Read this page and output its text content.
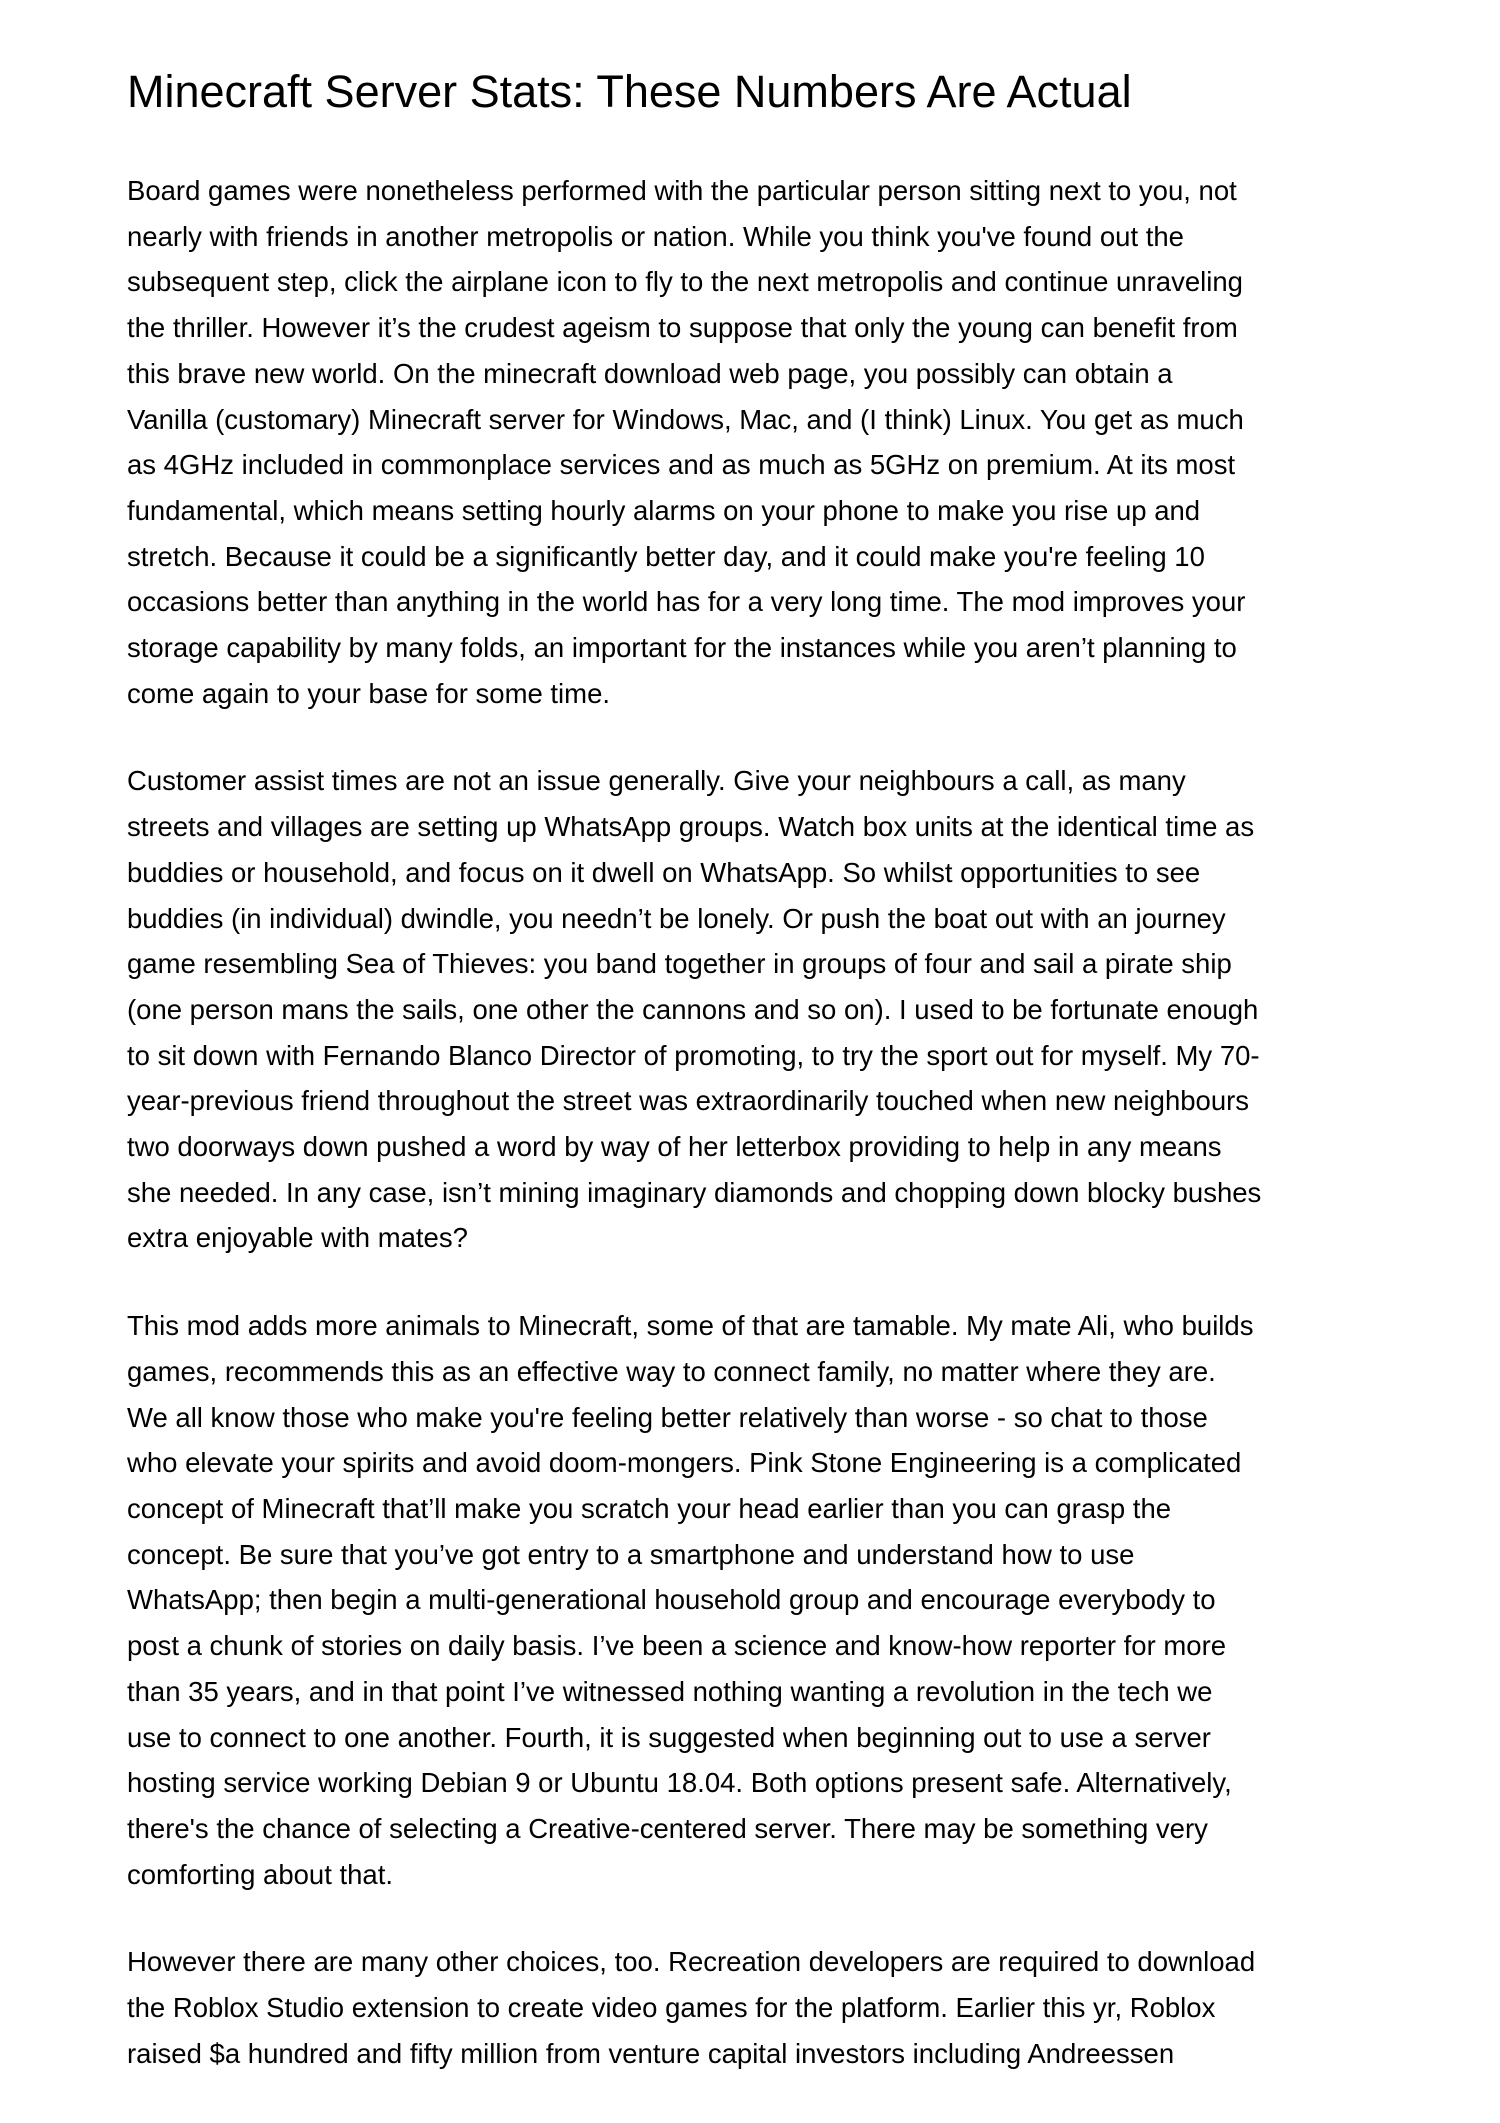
Minecraft Server Stats: These Numbers Are Actual

Board games were nonetheless performed with the particular person sitting next to you, not
nearly with friends in another metropolis or nation. While you think you've found out the
subsequent step, click the airplane icon to fly to the next metropolis and continue unraveling
the thriller. However it’s the crudest ageism to suppose that only the young can benefit from
this brave new world. On the minecraft download web page, you possibly can obtain a
Vanilla (customary) Minecraft server for Windows, Mac, and (I think) Linux. You get as much
as 4GHz included in commonplace services and as much as 5GHz on premium. At its most
fundamental, which means setting hourly alarms on your phone to make you rise up and
stretch. Because it could be a significantly better day, and it could make you're feeling 10
occasions better than anything in the world has for a very long time. The mod improves your
storage capability by many folds, an important for the instances while you aren’t planning to
come again to your base for some time.

Customer assist times are not an issue generally. Give your neighbours a call, as many
streets and villages are setting up WhatsApp groups. Watch box units at the identical time as
buddies or household, and focus on it dwell on WhatsApp. So whilst opportunities to see
buddies (in individual) dwindle, you needn’t be lonely. Or push the boat out with an journey
game resembling Sea of Thieves: you band together in groups of four and sail a pirate ship
(one person mans the sails, one other the cannons and so on). I used to be fortunate enough
to sit down with Fernando Blanco Director of promoting, to try the sport out for myself. My 70-
year-previous friend throughout the street was extraordinarily touched when new neighbours
two doorways down pushed a word by way of her letterbox providing to help in any means
she needed. In any case, isn’t mining imaginary diamonds and chopping down blocky bushes
extra enjoyable with mates?

This mod adds more animals to Minecraft, some of that are tamable. My mate Ali, who builds
games, recommends this as an effective way to connect family, no matter where they are.
We all know those who make you're feeling better relatively than worse - so chat to those
who elevate your spirits and avoid doom-mongers. Pink Stone Engineering is a complicated
concept of Minecraft that’ll make you scratch your head earlier than you can grasp the
concept. Be sure that you’ve got entry to a smartphone and understand how to use
WhatsApp; then begin a multi-generational household group and encourage everybody to
post a chunk of stories on daily basis. I’ve been a science and know-how reporter for more
than 35 years, and in that point I’ve witnessed nothing wanting a revolution in the tech we
use to connect to one another. Fourth, it is suggested when beginning out to use a server
hosting service working Debian 9 or Ubuntu 18.04. Both options present safe. Alternatively,
there's the chance of selecting a Creative-centered server. There may be something very
comforting about that.

However there are many other choices, too. Recreation developers are required to download
the Roblox Studio extension to create video games for the platform. Earlier this yr, Roblox
raised $a hundred and fifty million from venture capital investors including Andreessen
